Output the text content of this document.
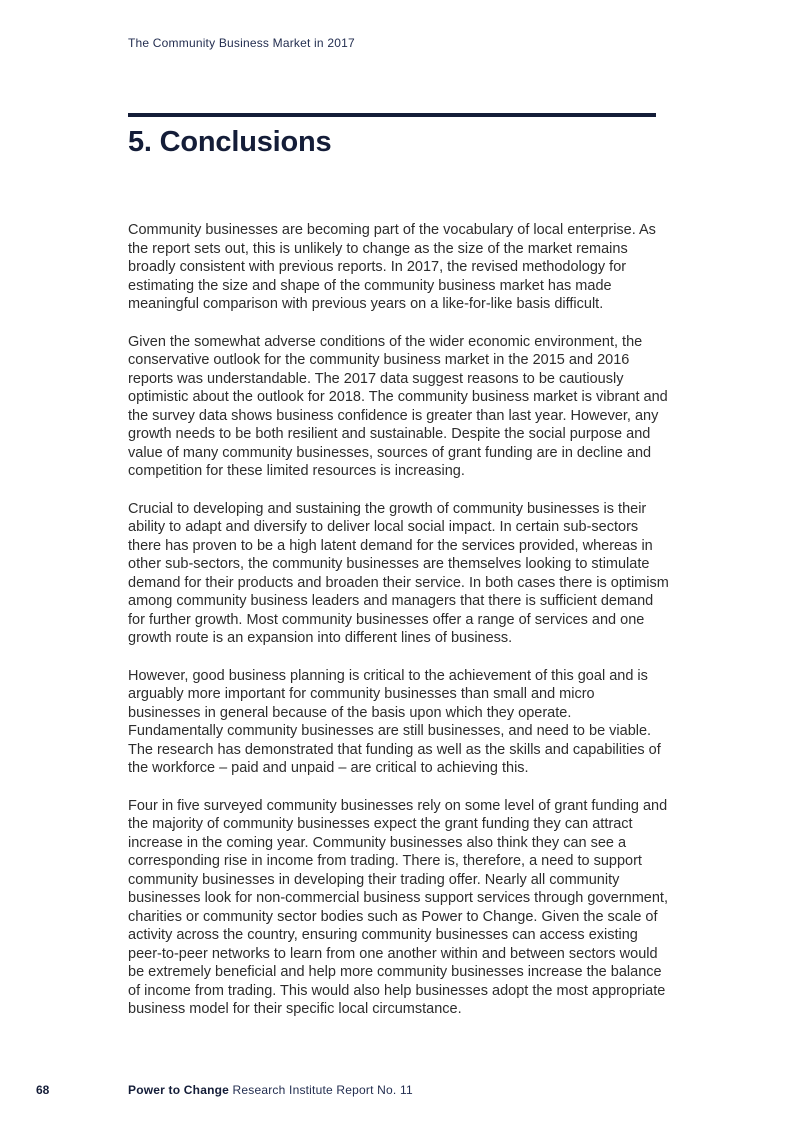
The Community Business Market in 2017
5. Conclusions

Community businesses are becoming part of the vocabulary of local enterprise. As the report sets out, this is unlikely to change as the size of the market remains broadly consistent with previous reports. In 2017, the revised methodology for estimating the size and shape of the community business market has made meaningful comparison with previous years on a like-for-like basis difficult.

Given the somewhat adverse conditions of the wider economic environment, the conservative outlook for the community business market in the 2015 and 2016 reports was understandable. The 2017 data suggest reasons to be cautiously optimistic about the outlook for 2018. The community business market is vibrant and the survey data shows business confidence is greater than last year. However, any growth needs to be both resilient and sustainable. Despite the social purpose and value of many community businesses, sources of grant funding are in decline and competition for these limited resources is increasing.

Crucial to developing and sustaining the growth of community businesses is their ability to adapt and diversify to deliver local social impact. In certain sub-sectors there has proven to be a high latent demand for the services provided, whereas in other sub-sectors, the community businesses are themselves looking to stimulate demand for their products and broaden their service. In both cases there is optimism among community business leaders and managers that there is sufficient demand for further growth. Most community businesses offer a range of services and one growth route is an expansion into different lines of business.

However, good business planning is critical to the achievement of this goal and is arguably more important for community businesses than small and micro businesses in general because of the basis upon which they operate. Fundamentally community businesses are still businesses, and need to be viable. The research has demonstrated that funding as well as the skills and capabilities of the workforce – paid and unpaid – are critical to achieving this.

Four in five surveyed community businesses rely on some level of grant funding and the majority of community businesses expect the grant funding they can attract increase in the coming year. Community businesses also think they can see a corresponding rise in income from trading. There is, therefore, a need to support community businesses in developing their trading offer. Nearly all community businesses look for non-commercial business support services through government, charities or community sector bodies such as Power to Change. Given the scale of activity across the country, ensuring community businesses can access existing peer-to-peer networks to learn from one another within and between sectors would be extremely beneficial and help more community businesses increase the balance of income from trading. This would also help businesses adopt the most appropriate business model for their specific local circumstance.

68	Power to Change Research Institute Report No. 11
